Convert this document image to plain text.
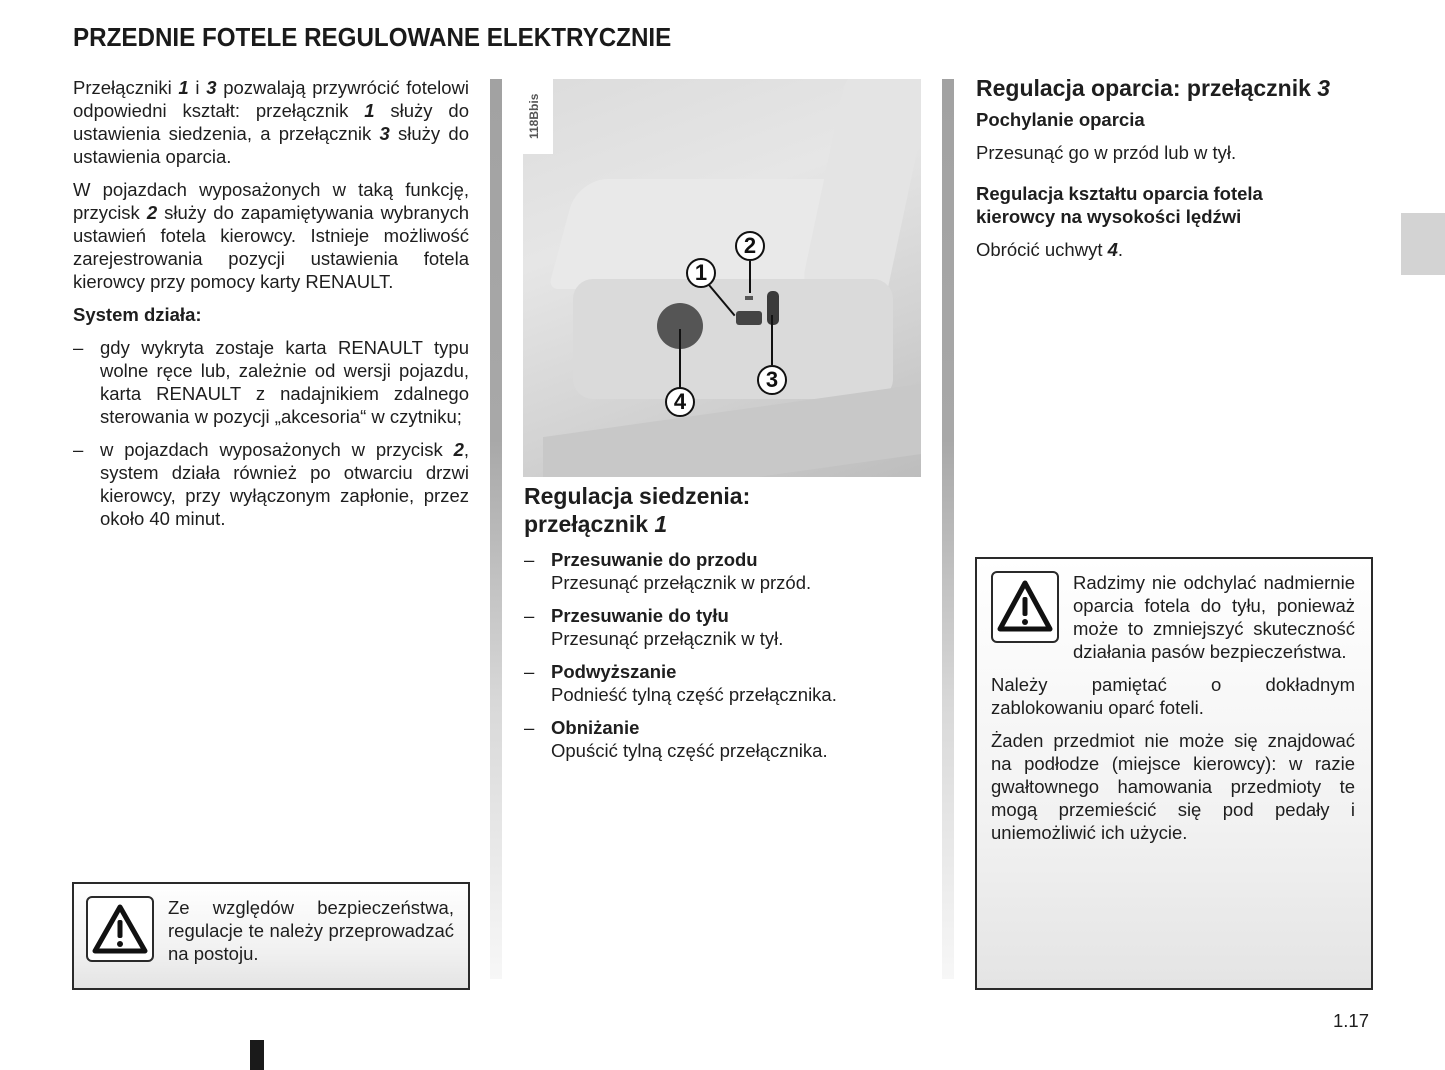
PRZEDNIE FOTELE REGULOWANE ELEKTRYCZNIE

Przełączniki 1 i 3 pozwalają przywrócić fotelowi odpowiedni kształt: przełącznik 1 służy do ustawienia siedzenia, a przełącznik 3 służy do ustawienia oparcia.

W pojazdach wyposażonych w taką funkcję, przycisk 2 służy do zapamiętywania wybranych ustawień fotela kierowcy. Istnieje możliwość zarejestrowania pozycji ustawienia fotela kierowcy przy pomocy karty RENAULT.

System działa:

– gdy wykryta zostaje karta RENAULT typu wolne ręce lub, zależnie od wersji pojazdu, karta RENAULT z nadajnikiem zdalnego sterowania w pozycji „akcesoria“ w czytniku;
– w pojazdach wyposażonych w przycisk 2, system działa również po otwarciu drzwi kierowcy, przy wyłączonym zapłonie, przez około 40 minut.

Ze względów bezpieczeństwa, regulacje te należy przeprowadzać na postoju.

118Bbis
1
2
3
4
Regulacja siedzenia:
przełącznik 1
– Przesuwanie do przodu
Przesunąć przełącznik w przód.
– Przesuwanie do tyłu
Przesunąć przełącznik w tył.
– Podwyższanie
Podnieść tylną część przełącznika.
– Obniżanie
Opuścić tylną część przełącznika.
Regulacja oparcia: przełącznik 3
Pochylanie oparcia

Przesunąć go w przód lub w tył.

Regulacja kształtu oparcia fotela kierowcy na wysokości lędźwi

Obrócić uchwyt 4.

Radzimy nie odchylać nadmiernie oparcia fotela do tyłu, ponieważ może to zmniejszyć skuteczność działania pasów bezpieczeństwa.

Należy pamiętać o dokładnym zablokowaniu oparć foteli.

Żaden przedmiot nie może się znajdować na podłodze (miejsce kierowcy): w razie gwałtownego hamowania przedmioty te mogą przemieścić się pod pedały i uniemożliwić ich użycie.

1.17
